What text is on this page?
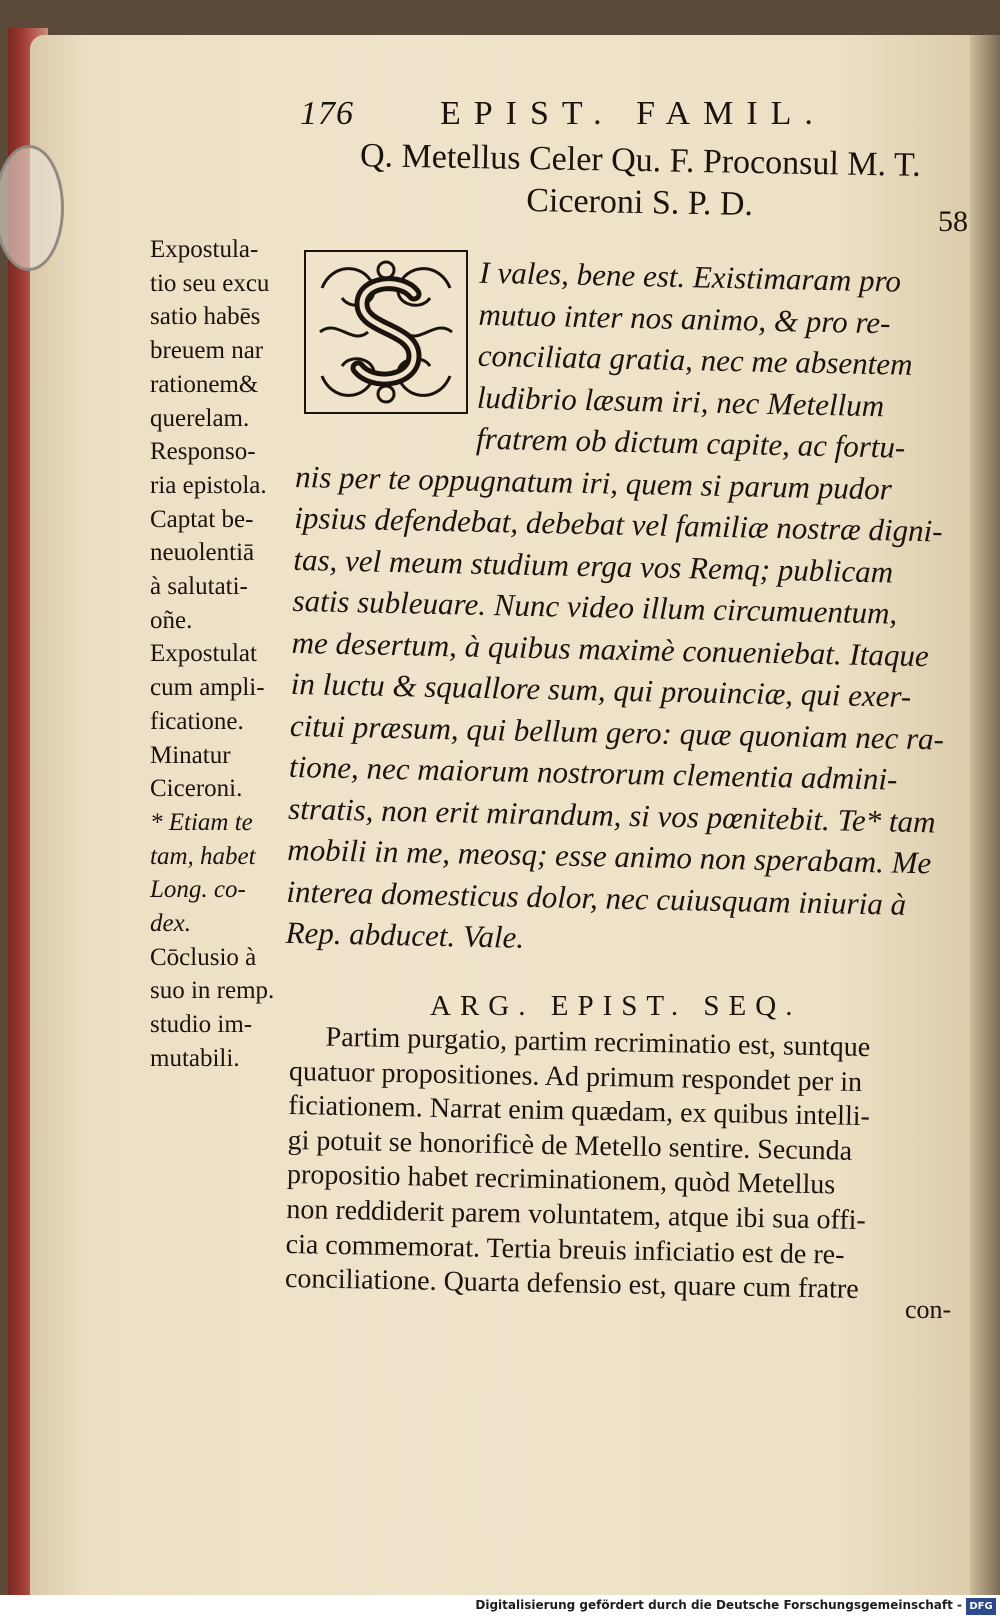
176	EPIST. FAMIL.
58
Q. Metellus Celer Qu. F. Proconsul M. T.
Ciceroni S. P. D.
Expostula-
tio seu excu
satio habēs
breuem nar
rationem&
querelam.
Responso-
ria epistola.
Captat be-
neuolentiā
à salutati-
oñe.
Expostulat
cum ampli-
ficatione.
Minatur
Ciceroni.
* Etiam te
tam, habet
Long. co-
dex.
Cōclusio à
suo in remp.
studio im-
mutabili.
I vales, bene est. Existimaram pro
mutuo inter nos animo, & pro re-
conciliata gratia, nec me absentem
ludibrio læsum iri, nec Metellum
fratrem ob dictum capite, ac fortu-
nis per te oppugnatum iri, quem si parum pudor
ipsius defendebat, debebat vel familiæ nostræ digni-
tas, vel meum studium erga vos Remq; publicam
satis subleuare. Nunc video illum circumuentum,
me desertum, à quibus maximè conueniebat. Itaque
in luctu & squallore sum, qui prouinciæ, qui exer-
citui præsum, qui bellum gero: quæ quoniam nec ra-
tione, nec maiorum nostrorum clementia admini-
stratis, non erit mirandum, si vos pœnitebit. Te* tam
mobili in me, meosq; esse animo non sperabam. Me
interea domesticus dolor, nec cuiusquam iniuria à
Rep. abducet. Vale.
ARG. EPIST. SEQ.
Partim purgatio, partim recriminatio est, suntque
quatuor propositiones. Ad primum respondet per in
ficiationem. Narrat enim quædam, ex quibus intelli-
gi potuit se honorificè de Metello sentire. Secunda
propositio habet recriminationem, quòd Metellus
non reddiderit parem voluntatem, atque ibi sua offi-
cia commemorat. Tertia breuis inficiatio est de re-
conciliatione. Quarta defensio est, quare cum fratre
con-
Digitalisierung gefördert durch die Deutsche Forschungsgemeinschaft - DFG
